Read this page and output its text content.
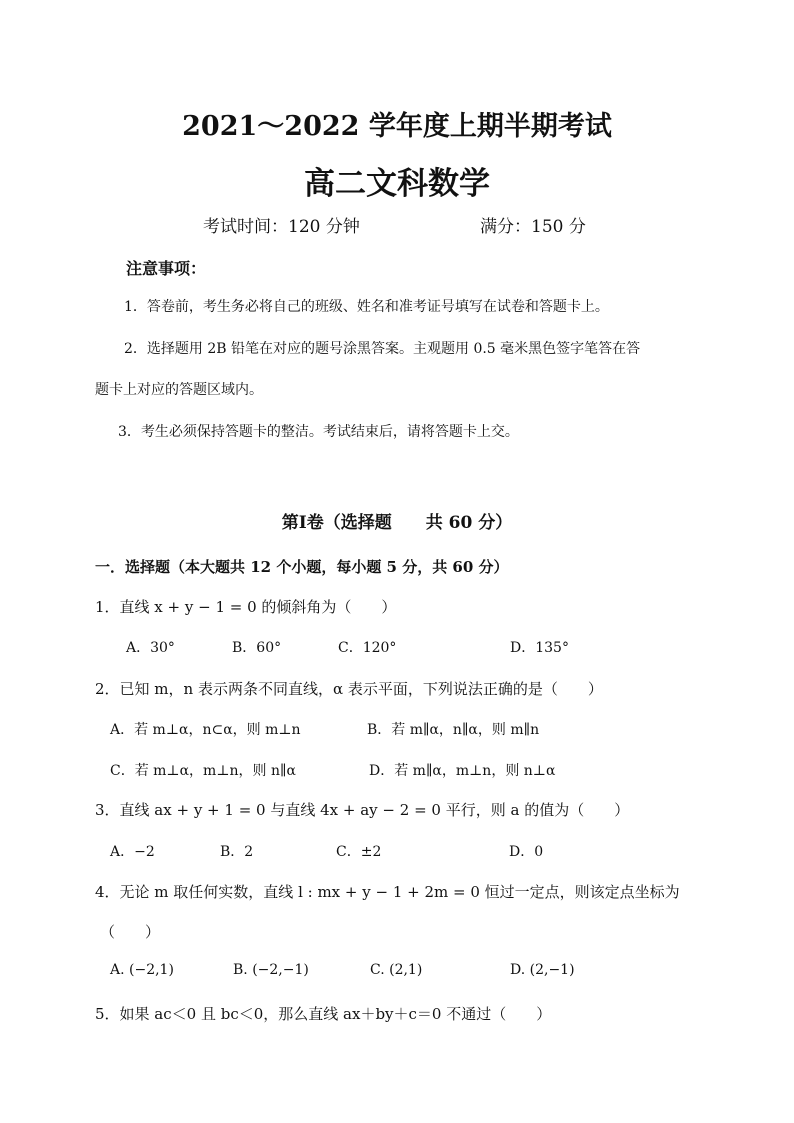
2021～2022 学年度上期半期考试
高二文科数学
考试时间：120 分钟	满分：150 分
注意事项：
1．答卷前，考生务必将自己的班级、姓名和准考证号填写在试卷和答题卡上。
2．选择题用 2B 铅笔在对应的题号涂黑答案。主观题用 0.5 毫米黑色签字笔答在答
题卡上对应的答题区域内。
3．考生必须保持答题卡的整洁。考试结束后，请将答题卡上交。
第Ⅰ卷（选择题　　共 60 分）
一．选择题（本大题共 12 个小题，每小题 5 分，共 60 分）
1．直线 x + y − 1 = 0 的倾斜角为（　　）
A．30°	B．60°	C．120°	D．135°
2．已知 m，n 表示两条不同直线，α 表示平面，下列说法正确的是（　　）
A．若 m⊥α，n⊂α，则 m⊥n	B．若 m∥α，n∥α，则 m∥n
C．若 m⊥α，m⊥n，则 n∥α	D．若 m∥α，m⊥n，则 n⊥α
3．直线 ax + y + 1 = 0 与直线 4x + ay − 2 = 0 平行，则 a 的值为（　　）
A．−2	B．2	C．±2	D．0
4．无论 m 取任何实数，直线 l : mx + y − 1 + 2m = 0 恒过一定点，则该定点坐标为
（　　）
A. (−2,1)	B. (−2,−1)	C. (2,1)	D. (2,−1)
5．如果 ac＜0 且 bc＜0，那么直线 ax＋by＋c＝0 不通过（　　）
